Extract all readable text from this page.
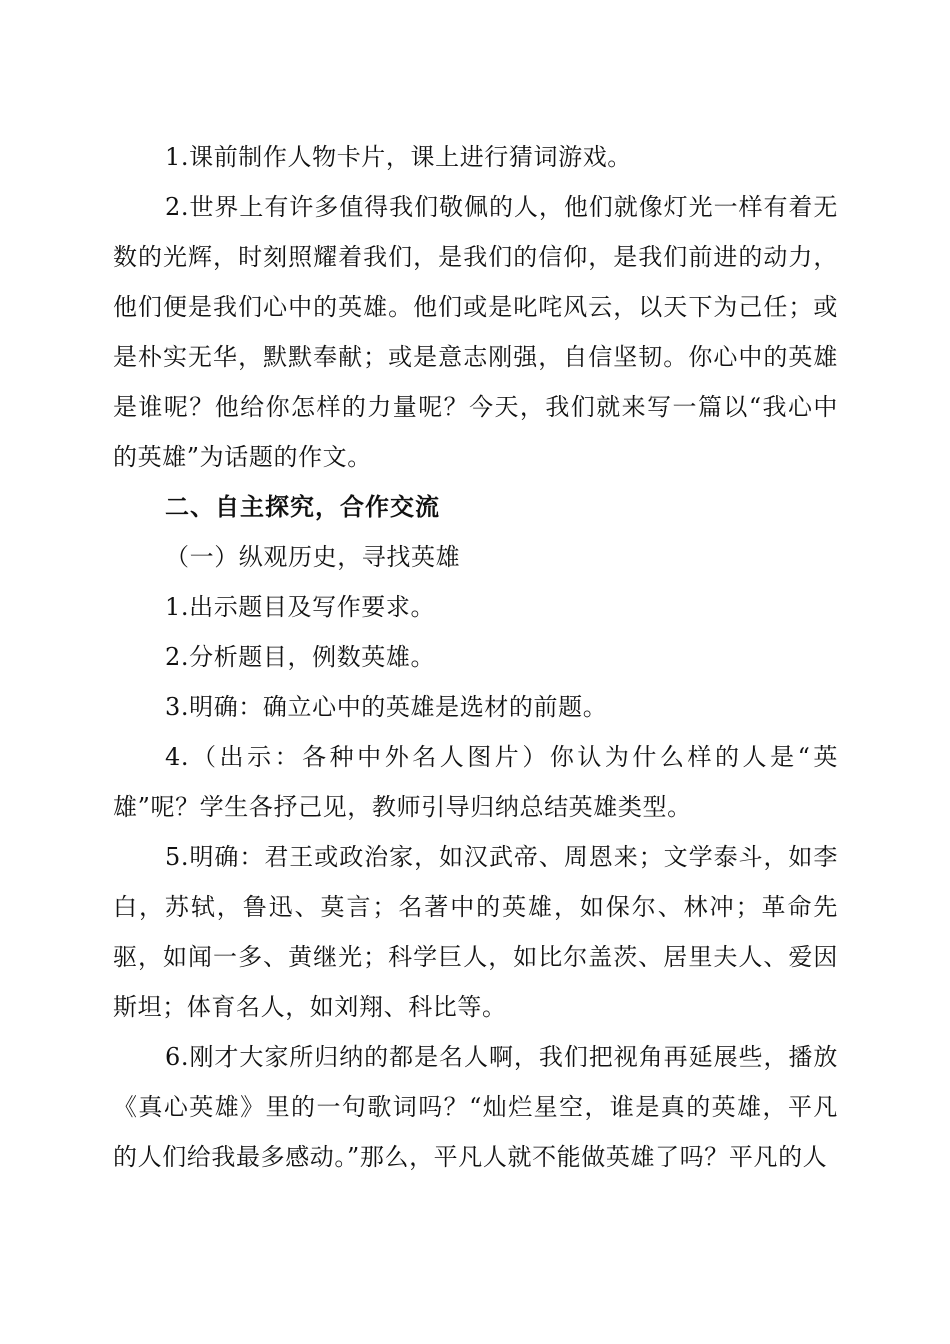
1.课前制作人物卡片，课上进行猜词游戏。

2.世界上有许多值得我们敬佩的人，他们就像灯光一样有着无数的光辉，时刻照耀着我们，是我们的信仰，是我们前进的动力，他们便是我们心中的英雄。他们或是叱咤风云，以天下为己任；或是朴实无华，默默奉献；或是意志刚强，自信坚韧。你心中的英雄是谁呢？他给你怎样的力量呢？今天，我们就来写一篇以“我心中的英雄”为话题的作文。

二、自主探究，合作交流

（一）纵观历史，寻找英雄

1.出示题目及写作要求。

2.分析题目，例数英雄。

3.明确：确立心中的英雄是选材的前题。

4.（出示：各种中外名人图片）你认为什么样的人是“英雄”呢？学生各抒己见，教师引导归纳总结英雄类型。

5.明确：君王或政治家，如汉武帝、周恩来；文学泰斗，如李白，苏轼，鲁迅、莫言；名著中的英雄，如保尔、林冲；革命先驱，如闻一多、黄继光；科学巨人，如比尔盖茨、居里夫人、爱因斯坦；体育名人，如刘翔、科比等。

6.刚才大家所归纳的都是名人啊，我们把视角再延展些，播放《真心英雄》里的一句歌词吗？“灿烂星空，谁是真的英雄，平凡的人们给我最多感动。”那么，平凡人就不能做英雄了吗？平凡的人
